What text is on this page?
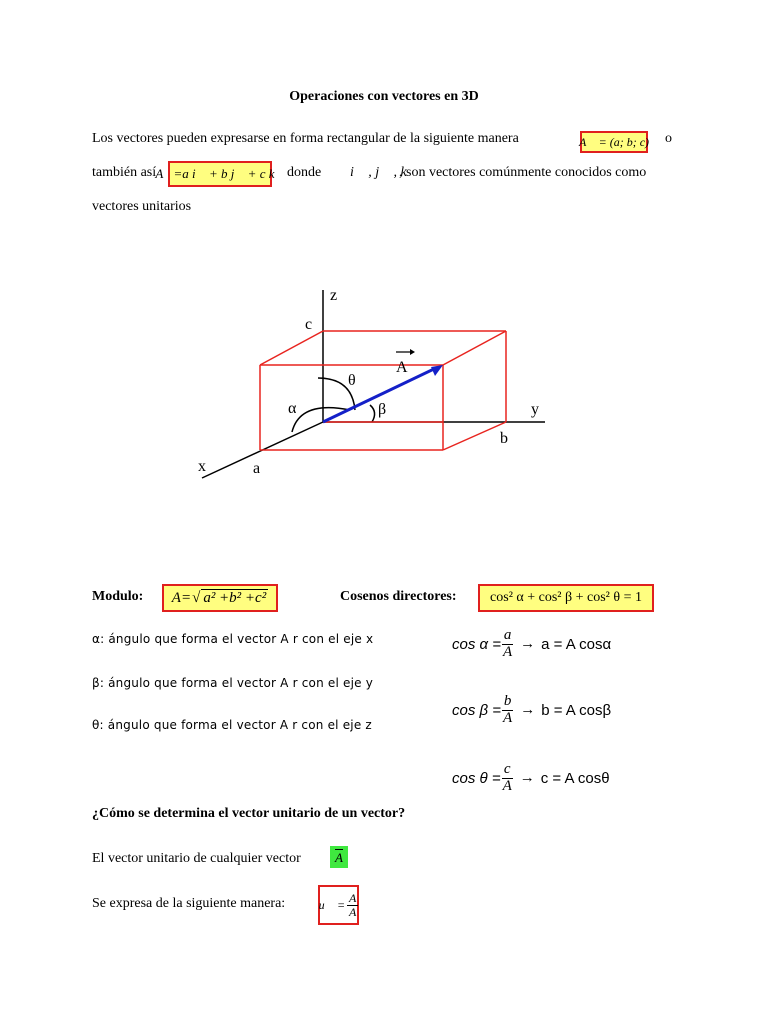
Operaciones con vectores en 3D
Los vectores pueden expresarse en forma rectangular de la siguiente manera	A⃗ = (a; b; c) o
también así A⃗=a i⃗ + b j⃗ + c k⃗ donde i⃗ , j⃗ , k⃗
, son vectores comúnmente conocidos como
vectores unitarios
z
y
x	a
b
c
A
α	β
θ
Modulo: A= √ a² +b² +c²	Cosenos directores:	cos² α + cos² β + cos² θ = 1
α: ángulo que forma el vector A r con el eje x
β: ángulo que forma el vector A r con el eje y
θ: ángulo que forma el vector A r con el eje z
$\cos \alpha = \frac{a}{A} \to a = A$ cosα
$\cos \beta = \frac{b}{A} \to b = A$ cosβ
$\cos \theta = \frac{c}{A} \to c = A$ cosθ
¿Cómo se determina el vector unitario de un vector?
El vector unitario de cualquier vector	A
Se expresa de la siguiente manera:	u⃗ = $\frac{A}{A}$
